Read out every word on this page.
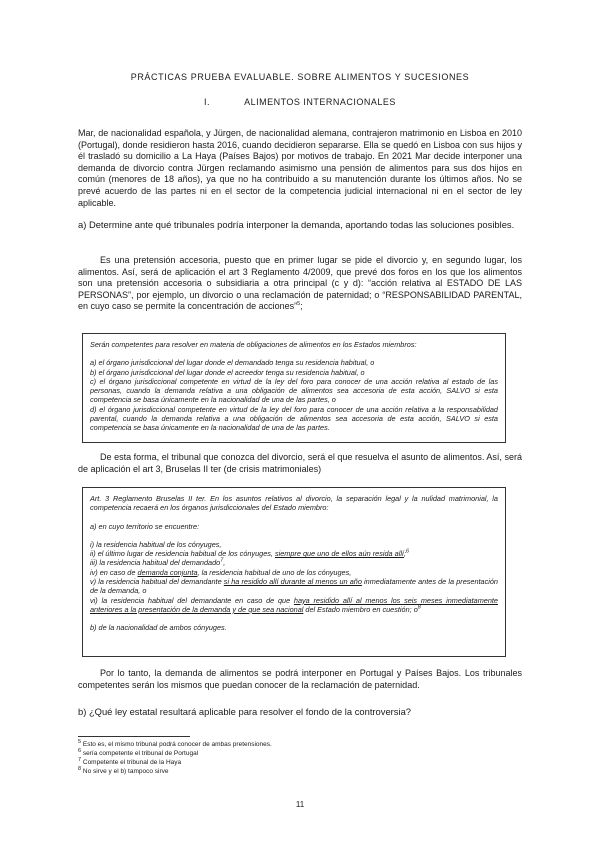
PRÁCTICAS PRUEBA EVALUABLE. SOBRE ALIMENTOS Y SUCESIONES
I.	ALIMENTOS INTERNACIONALES

Mar, de nacionalidad española, y Jürgen, de nacionalidad alemana, contrajeron matrimonio en Lisboa en 2010 (Portugal), donde residieron hasta 2016, cuando decidieron separarse. Ella se quedó en Lisboa con sus hijos y él trasladó su domicilio a La Haya (Países Bajos) por motivos de trabajo. En 2021 Mar decide interponer una demanda de divorcio contra Jürgen reclamando asimismo una pensión de alimentos para sus dos hijos en común (menores de 18 años), ya que no ha contribuido a su manutención durante los últimos años. No se prevé acuerdo de las partes ni en el sector de la competencia judicial internacional ni en el sector de ley aplicable.

a) Determine ante qué tribunales podría interponer la demanda, aportando todas las soluciones posibles.

Es una pretensión accesoria, puesto que en primer lugar se pide el divorcio y, en segundo lugar, los alimentos. Así, será de aplicación el art 3 Reglamento 4/2009, que prevé dos foros en los que los alimentos son una pretensión accesoria o subsidiaria a otra principal (c y d): “acción relativa al ESTADO DE LAS PERSONAS”, por ejemplo, un divorcio o una reclamación de paternidad; o “RESPONSABILIDAD PARENTAL, en cuyo caso se permite la concentración de acciones”$^5$;

Serán competentes para resolver en materia de obligaciones de alimentos en los Estados miembros:

a) el órgano jurisdiccional del lugar donde el demandado tenga su residencia habitual, o

b) el órgano jurisdiccional del lugar donde el acreedor tenga su residencia habitual, o

c) el órgano jurisdiccional competente en virtud de la ley del foro para conocer de una acción relativa al estado de las personas, cuando la demanda relativa a una obligación de alimentos sea accesoria de esta acción, SALVO si esta competencia se basa únicamente en la nacionalidad de una de las partes, o

d) el órgano jurisdiccional competente en virtud de la ley del foro para conocer de una acción relativa a la responsabilidad parental, cuando la demanda relativa a una obligación de alimentos sea accesoria de esta acción, SALVO si esta competencia se basa únicamente en la nacionalidad de una de las partes.

De esta forma, el tribunal que conozca del divorcio, será el que resuelva el asunto de alimentos. Así, será de aplicación el art 3, Bruselas II ter (de crisis matrimoniales)

Art. 3 Reglamento Bruselas II ter. En los asuntos relativos al divorcio, la separación legal y la nulidad matrimonial, la competencia recaerá en los órganos jurisdiccionales del Estado miembro:

a) en cuyo territorio se encuentre:

i) la residencia habitual de los cónyuges,

ii) el último lugar de residencia habitual de los cónyuges, siempre que uno de ellos aún resida allí;$^6$

iii) la residencia habitual del demandado$^7$,

iv) en caso de demanda conjunta, la residencia habitual de uno de los cónyuges,

v) la residencia habitual del demandante si ha residido allí durante al menos un año inmediatamente antes de la presentación de la demanda, o

vi) la residencia habitual del demandante en caso de que haya residido allí al menos los seis meses inmediatamente anteriores a la presentación de la demanda y de que sea nacional del Estado miembro en cuestión; $o^8$

b) de la nacionalidad de ambos cónyuges.

Por lo tanto, la demanda de alimentos se podrá interponer en Portugal y Países Bajos. Los tribunales competentes serán los mismos que puedan conocer de la reclamación de paternidad.

b) ¿Qué ley estatal resultará aplicable para resolver el fondo de la controversia?

$^5$ Esto es, el mismo tribunal podrá conocer de ambas pretensiones.
$^6$ sería competente el tribunal de Portugal
$^7$ Competente el tribunal de la Haya
$^8$ No sirve y el b) tampoco sirve
11
